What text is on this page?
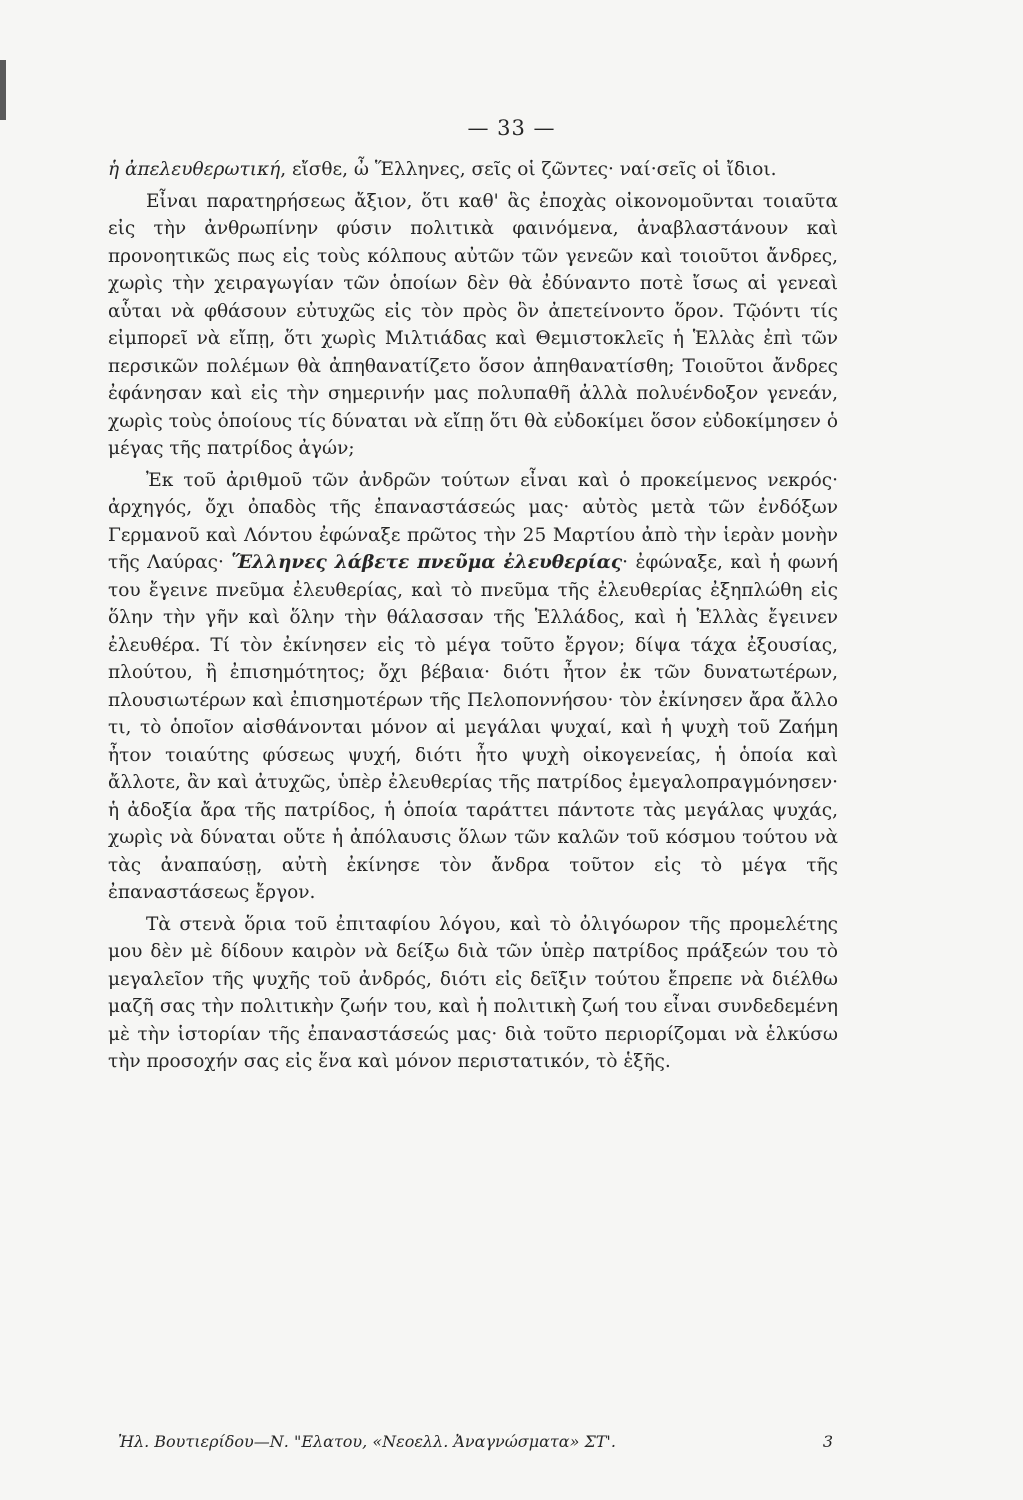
— 33 —

ἡ ἀπελευθερωτική, εἴσθε, ὦ Ἕλληνες, σεῖς οἱ ζῶντες· ναί·σεῖς οἱ ἴδιοι.

Εἶναι παρατηρήσεως ἄξιον, ὅτι καθ' ἃς ἐποχὰς οἰκονομοῦνται τοιαῦτα εἰς τὴν ἀνθρωπίνην φύσιν πολιτικὰ φαινόμενα, ἀναβλαστάνουν καὶ προνοητικῶς πως εἰς τοὺς κόλπους αὐτῶν τῶν γενεῶν καὶ τοιοῦτοι ἄνδρες, χωρὶς τὴν χειραγωγίαν τῶν ὁποίων δὲν θὰ ἐδύναντο ποτὲ ἴσως αἱ γενεαὶ αὗται νὰ φθάσουν εὐτυχῶς εἰς τὸν πρὸς ὃν ἀπετείνοντο ὅρον. Τῷόντι τίς εἰμπορεῖ νὰ εἴπῃ, ὅτι χωρὶς Μιλτιάδας καὶ Θεμιστοκλεῖς ἡ Ἑλλὰς ἐπὶ τῶν περσικῶν πολέμων θὰ ἀπηθανατίζετο ὅσον ἀπηθανατίσθη; Τοιοῦτοι ἄνδρες ἐφάνησαν καὶ εἰς τὴν σημερινήν μας πολυπαθῆ ἀλλὰ πολυένδοξον γενεάν, χωρὶς τοὺς ὁποίους τίς δύναται νὰ εἴπῃ ὅτι θὰ εὐδοκίμει ὅσον εὐδοκίμησεν ὁ μέγας τῆς πατρίδος ἀγών;

Ἐκ τοῦ ἀριθμοῦ τῶν ἀνδρῶν τούτων εἶναι καὶ ὁ προκείμενος νεκρός· ἀρχηγός, ὄχι ὀπαδὸς τῆς ἐπαναστάσεώς μας· αὐτὸς μετὰ τῶν ἐνδόξων Γερμανοῦ καὶ Λόντου ἐφώναξε πρῶτος τὴν 25 Μαρτίου ἀπὸ τὴν ἱερὰν μονὴν τῆς Λαύρας· Ἕλληνες λάβετε πνεῦμα ἐλευθερίας· ἐφώναξε, καὶ ἡ φωνή του ἔγεινε πνεῦμα ἐλευθερίας, καὶ τὸ πνεῦμα τῆς ἐλευθερίας ἐξηπλώθη εἰς ὅλην τὴν γῆν καὶ ὅλην τὴν θάλασσαν τῆς Ἑλλάδος, καὶ ἡ Ἑλλὰς ἔγεινεν ἐλευθέρα. Τί τὸν ἐκίνησεν εἰς τὸ μέγα τοῦτο ἔργον; δίψα τάχα ἐξουσίας, πλούτου, ἢ ἐπισημότητος; ὄχι βέβαια· διότι ἦτον ἐκ τῶν δυνατωτέρων, πλουσιωτέρων καὶ ἐπισημοτέρων τῆς Πελοποννήσου· τὸν ἐκίνησεν ἄρα ἄλλο τι, τὸ ὁποῖον αἰσθάνονται μόνον αἱ μεγάλαι ψυχαί, καὶ ἡ ψυχὴ τοῦ Ζαήμη ἦτον τοιαύτης φύσεως ψυχή, διότι ἦτο ψυχὴ οἰκογενείας, ἡ ὁποία καὶ ἄλλοτε, ἂν καὶ ἀτυχῶς, ὑπὲρ ἐλευθερίας τῆς πατρίδος ἐμεγαλοπραγμόνησεν· ἡ ἀδοξία ἄρα τῆς πατρίδος, ἡ ὁποία ταράττει πάντοτε τὰς μεγάλας ψυχάς, χωρὶς νὰ δύναται οὔτε ἡ ἀπόλαυσις ὅλων τῶν καλῶν τοῦ κόσμου τούτου νὰ τὰς ἀναπαύσῃ, αὐτὴ ἐκίνησε τὸν ἄνδρα τοῦτον εἰς τὸ μέγα τῆς ἐπαναστάσεως ἔργον.

Τὰ στενὰ ὅρια τοῦ ἐπιταφίου λόγου, καὶ τὸ ὀλιγόωρον τῆς προμελέτης μου δὲν μὲ δίδουν καιρὸν νὰ δείξω διὰ τῶν ὑπὲρ πατρίδος πράξεών του τὸ μεγαλεῖον τῆς ψυχῆς τοῦ ἀνδρός, διότι εἰς δεῖξιν τούτου ἔπρεπε νὰ διέλθω μαζῆ σας τὴν πολιτικὴν ζωήν του, καὶ ἡ πολιτικὴ ζωή του εἶναι συνδεδεμένη μὲ τὴν ἱστορίαν τῆς ἐπαναστάσεώς μας· διὰ τοῦτο περιορίζομαι νὰ ἑλκύσω τὴν προσοχήν σας εἰς ἕνα καὶ μόνον περιστατικόν, τὸ ἑξῆς.

Ἠλ. Βουτιερίδου—Ν. "Ελατου, «Νεοελλ. Ἀναγνώσματα» ΣΤ'.	3
